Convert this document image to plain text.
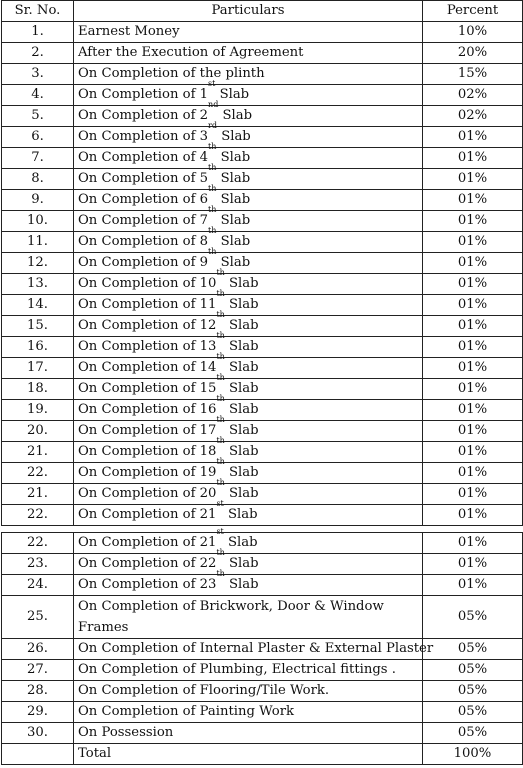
Sr. No.	Particulars	Percent
1.	Earnest Money	10%
2.	After the Execution of Agreement	20%
3.	On Completion of the plinth	15%
4.	On Completion of 1st Slab	02%
5.	On Completion of 2nd Slab	02%
6.	On Completion of 3rd Slab	01%
7.	On Completion of 4th Slab	01%
8.	On Completion of 5th Slab	01%
9.	On Completion of 6th Slab	01%
10.	On Completion of 7th Slab	01%
11.	On Completion of 8th Slab	01%
12.	On Completion of 9th Slab	01%
13.	On Completion of 10th Slab	01%
14.	On Completion of 11th Slab	01%
15.	On Completion of 12th Slab	01%
16.	On Completion of 13th Slab	01%
17.	On Completion of 14th Slab	01%
18.	On Completion of 15th Slab	01%
19.	On Completion of 16th Slab	01%
20.	On Completion of 17th Slab	01%
21.	On Completion of 18th Slab	01%
22.	On Completion of 19th Slab	01%
21.	On Completion of 20th Slab	01%
22.	On Completion of 21st Slab	01%
22.	On Completion of 21st Slab	01%
23.	On Completion of 22th Slab	01%
24.	On Completion of 23th Slab	01%
25.	On Completion of Brickwork, Door & Window Frames	05%
26.	On Completion of Internal Plaster & External Plaster	05%
27.	On Completion of Plumbing, Electrical fittings .	05%
28.	On Completion of Flooring/Tile Work.	05%
29.	On Completion of Painting Work	05%
30.	On Possession	05%
	Total	100%
